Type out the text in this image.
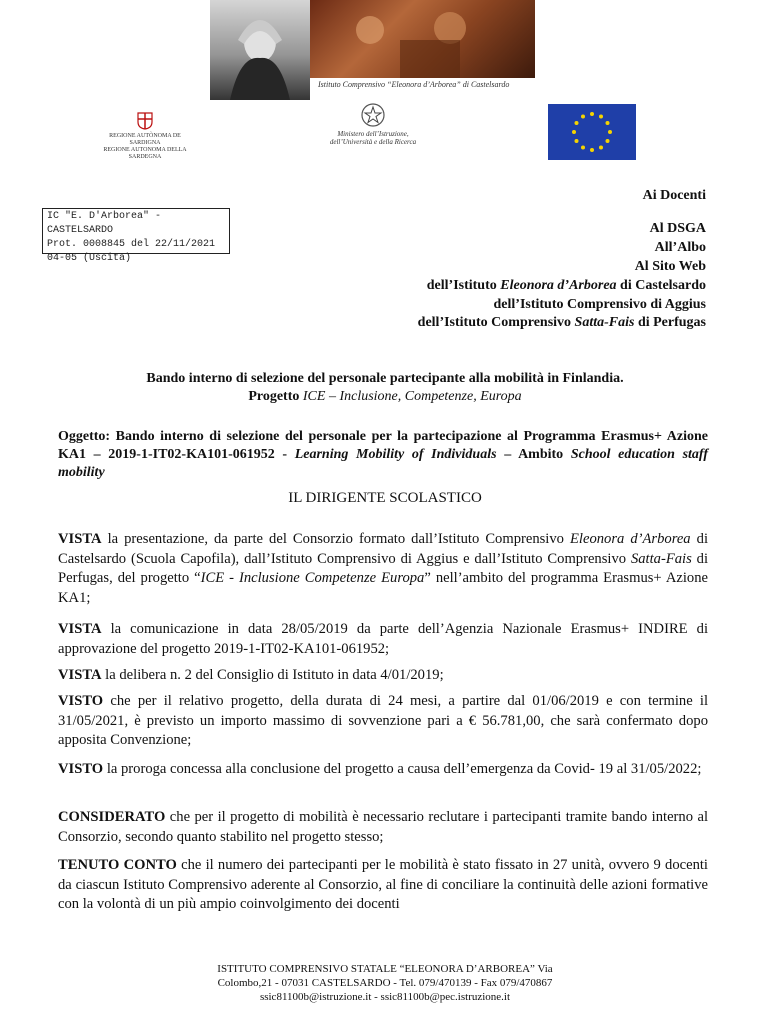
Istituto Comprensivo “Eleonora d’Arborea” di Castelsardo
REGIONE AUTÒNOMA DE SARDIGNA
REGIONE AUTONOMA DELLA SARDEGNA
Ministero dell’Istruzione,
dell’Università e della Ricerca
IC "E. D'Arborea" - CASTELSARDO
Prot. 0008845 del 22/11/2021
04-05 (Uscita)
Ai Docenti
Al DSGA
All’Albo
Al Sito Web
dell’Istituto Eleonora d’Arborea di Castelsardo
dell’Istituto Comprensivo di Aggius
dell’Istituto Comprensivo Satta-Fais di Perfugas
Bando interno di selezione del personale partecipante alla mobilità in Finlandia.
Progetto ICE – Inclusione, Competenze, Europa
Oggetto: Bando interno di selezione del personale per la partecipazione al Programma Erasmus+ Azione KA1 – 2019-1-IT02-KA101-061952 - Learning Mobility of Individuals – Ambito School education staff mobility
IL DIRIGENTE SCOLASTICO
VISTA la presentazione, da parte del Consorzio formato dall’Istituto Comprensivo Eleonora d’Arborea di Castelsardo (Scuola Capofila), dall’Istituto Comprensivo di Aggius e dall’Istituto Comprensivo Satta-Fais di Perfugas, del progetto “ICE - Inclusione Competenze Europa” nell’ambito del programma Erasmus+ Azione KA1;
VISTA la comunicazione in data 28/05/2019 da parte dell’Agenzia Nazionale Erasmus+ INDIRE di approvazione del progetto 2019-1-IT02-KA101-061952;
VISTA la delibera n. 2 del Consiglio di Istituto in data 4/01/2019;
VISTO che per il relativo progetto, della durata di 24 mesi, a partire dal 01/06/2019 e con termine il 31/05/2021, è previsto un importo massimo di sovvenzione pari a € 56.781,00, che sarà confermato dopo apposita Convenzione;
VISTO la proroga concessa alla conclusione del progetto a causa dell’emergenza da Covid- 19 al 31/05/2022;
CONSIDERATO che per il progetto di mobilità è necessario reclutare i partecipanti tramite bando interno al Consorzio, secondo quanto stabilito nel progetto stesso;
TENUTO CONTO che il numero dei partecipanti per le mobilità è stato fissato in 27 unità, ovvero 9 docenti da ciascun Istituto Comprensivo aderente al Consorzio, al fine di conciliare la continuità delle azioni formative con la volontà di un più ampio coinvolgimento dei docenti
ISTITUTO COMPRENSIVO STATALE “ELEONORA D’ARBOREA” Via
Colombo,21 - 07031 CASTELSARDO - Tel. 079/470139 - Fax 079/470867
ssic81100b@istruzione.it - ssic81100b@pec.istruzione.it
